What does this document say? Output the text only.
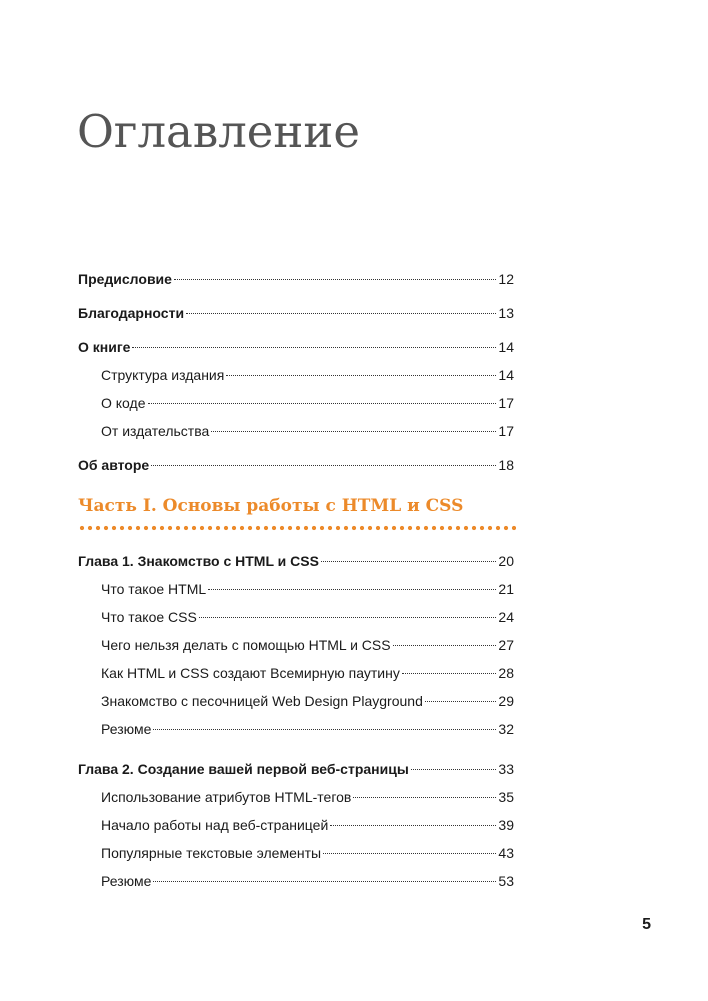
Оглавление
Предисловие	12
Благодарности	13
О книге	14
Структура издания	14
О коде	17
От издательства	17
Об авторе	18
Часть I. Основы работы с HTML и CSS
Глава 1. Знакомство с HTML и CSS	20
Что такое HTML	21
Что такое CSS	24
Чего нельзя делать с помощью HTML и CSS	27
Как HTML и CSS создают Всемирную паутину	28
Знакомство с песочницей Web Design Playground	29
Резюме	32
Глава 2. Создание вашей первой веб-страницы	33
Использование атрибутов HTML-тегов	35
Начало работы над веб-страницей	39
Популярные текстовые элементы	43
Резюме	53
5
